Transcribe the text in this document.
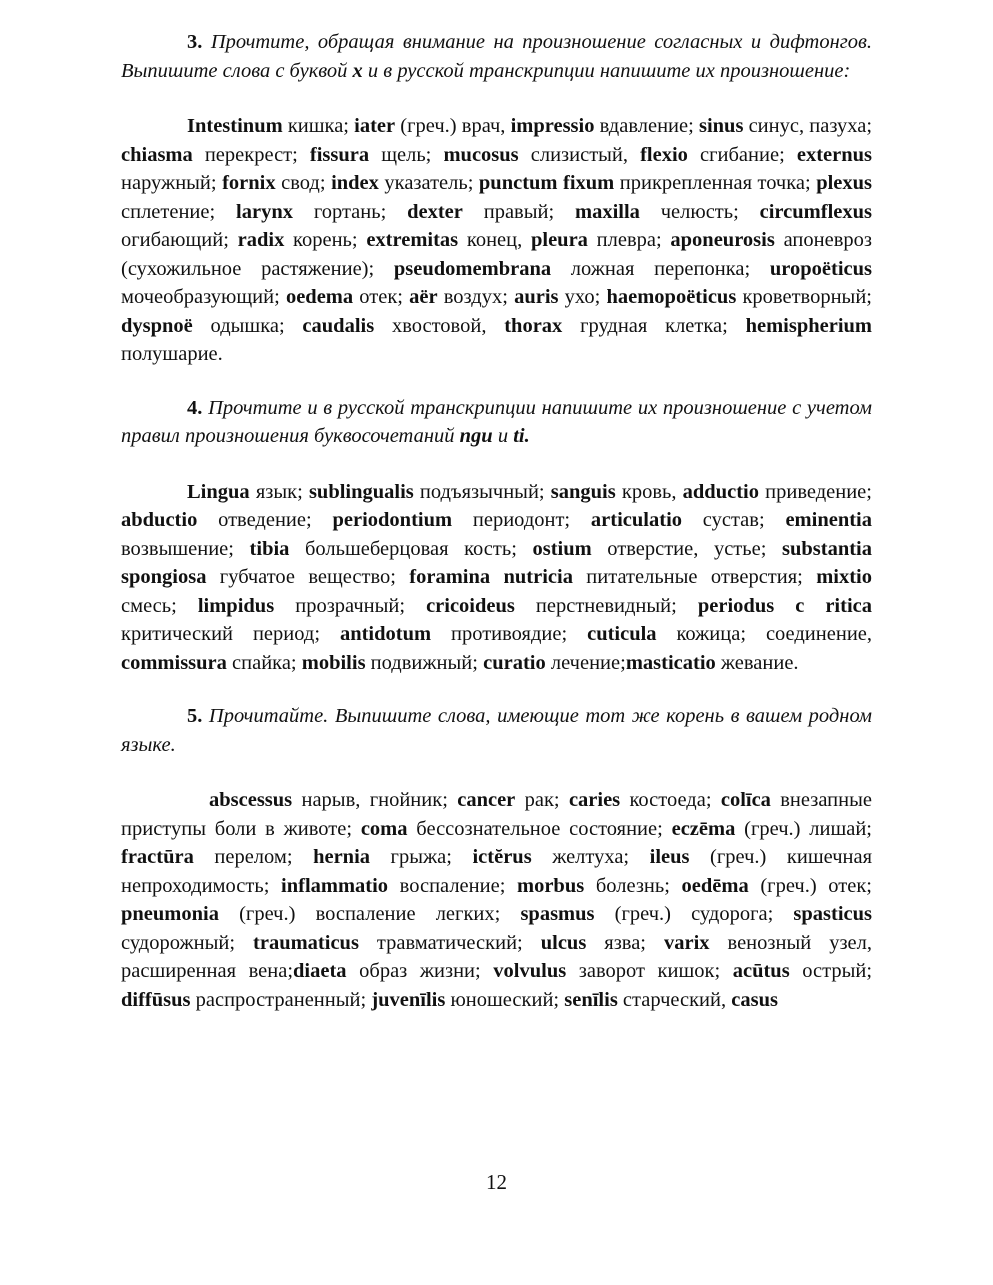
3. Прочтите, обращая внимание на произношение согласных и дифтонгов. Выпишите слова с буквой x и в русской транскрипции напишите их произношение:

Intestinum кишка; iater (греч.) врач, impressio вдавление; sinus синус, пазуха; chiasma перекрест; fissura щель; mucosus слизистый, flexio сгибание; externus наружный; fornix свод; index указатель; punctum fixum прикрепленная точка; plexus сплетение; larynx гортань; dexter правый; maxilla челюсть; circumflexus огибающий; radix корень; extremitas конец, pleura плевра; aponeurosis апоневроз (сухожильное растяжение); pseudomembrana ложная перепонка; uropoëticus мочеобразующий; oedema отек; aër воздух; auris ухо; haemopoëticus кроветворный; dyspnoë одышка; caudalis хвостовой, thorax грудная клетка; hemispherium полушарие.

4. Прочтите и в русской транскрипции напишите их произношение с учетом правил произношения буквосочетаний ngu и ti.

Lingua язык; sublingualis подъязычный; sanguis кровь, adductio приведение; abductio отведение; periodontium периодонт; articulatio сустав; eminentia возвышение; tibia большеберцовая кость; ostium отверстие, устье; substantia spongiosa губчатое вещество; foramina nutricia питательные отверстия; mixtio смесь; limpidus прозрачный; cricoideus перстневидный; periodus c ritica критический период; antidotum противоядие; cuticula кожица; соединение, commissura спайка; mobilis подвижный; curatio лечение;masticatio жевание.

5. Прочитайте. Выпишите слова, имеющие тот же корень в вашем родном языке.

abscessus нарыв, гнойник; cancer рак; caries костоеда; colīca внезапные приступы боли в животе; coma бессознательное состояние; eczēma (греч.) лишай; fractūra перелом; hernia грыжа; ictĕrus желтуха; ileus (греч.) кишечная непроходимость; inflammatio воспаление; morbus болезнь; oedēma (греч.) отек; pneumonia (греч.) воспаление легких; spasmus (греч.) судорога; spasticus судорожный; traumaticus травматический; ulcus язва; varix венозный узел, расширенная вена;diaeta образ жизни; volvulus заворот кишок; acūtus острый; diffūsus распространенный; juvenīlis юношеский; senīlis старческий, casus

12
